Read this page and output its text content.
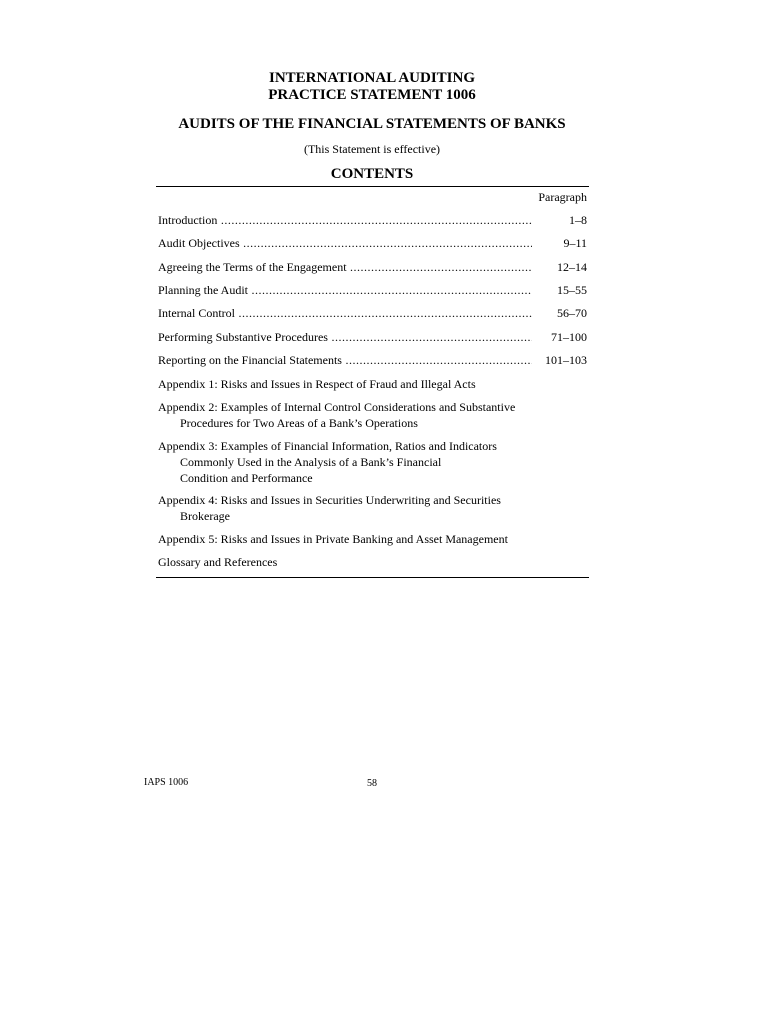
INTERNATIONAL AUDITING
PRACTICE STATEMENT 1006
AUDITS OF THE FINANCIAL STATEMENTS OF BANKS
(This Statement is effective)
CONTENTS
Paragraph
Introduction .....	1–8
Audit Objectives .....	9–11
Agreeing the Terms of the Engagement .....	12–14
Planning the Audit .....	15–55
Internal Control .....	56–70
Performing Substantive Procedures .....	71–100
Reporting on the Financial Statements .....	101–103
Appendix 1: Risks and Issues in Respect of Fraud and Illegal Acts
Appendix 2: Examples of Internal Control Considerations and Substantive
Procedures for Two Areas of a Bank’s Operations
Appendix 3: Examples of Financial Information, Ratios and Indicators
Commonly Used in the Analysis of a Bank’s Financial
Condition and Performance
Appendix 4: Risks and Issues in Securities Underwriting and Securities
Brokerage
Appendix 5: Risks and Issues in Private Banking and Asset Management
Glossary and References
IAPS 1006	58
